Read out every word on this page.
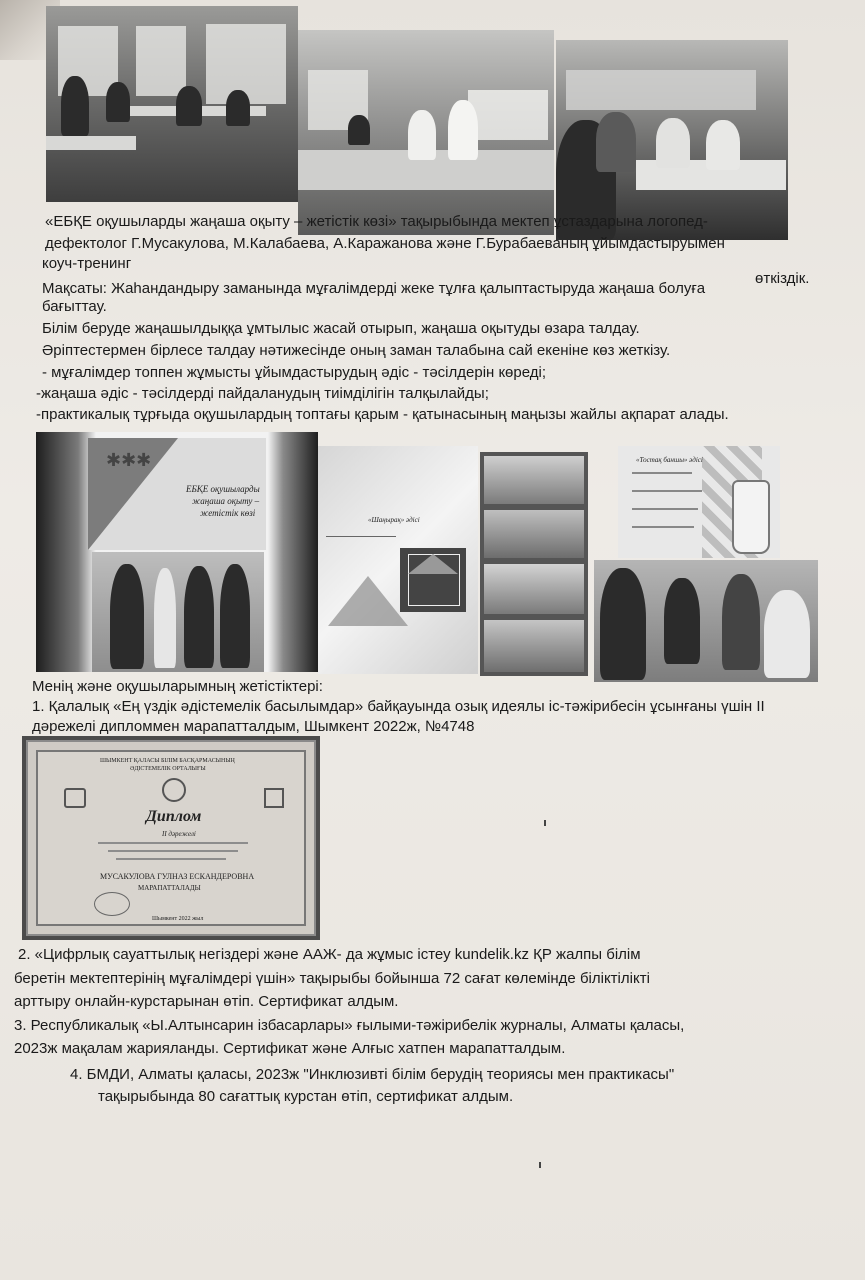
«ЕБҚЕ оқушыларды жаңаша оқыту – жетістік көзі» тақырыбында мектеп ұстаздарына логопед-
дефектолог Г.Мусакулова, М.Калабаева, А.Каражанова және Г.Бурабаеваның ұйымдастыруымен
коуч-тренинг
өткіздік.
Мақсаты: Жаһандандыру заманында мұғалімдерді жеке тұлға қалыптастыруда жаңаша болуға
бағыттау.
Білім беруде жаңашылдыққа ұмтылыс жасай отырып, жаңаша оқытуды өзара талдау.
Әріптестермен бірлесе талдау нәтижесінде оның заман талабына сай екеніне көз жеткізу.
- мұғалімдер топпен жұмысты ұйымдастырудың әдіс - тәсілдерін көреді;
-жаңаша әдіс - тәсілдерді пайдаланудың тиімділігін талқылайды;
-практикалық тұрғыда оқушылардың топтағы қарым - қатынасының маңызы жайлы ақпарат алады.
✱✱✱
ЕБҚЕ оқушыларды
жаңаша оқыту –
жетістік көзі
«Шаңырақ» әдісі
«Тостақ баншы» әдісі
Менің және оқушыларымның жетістіктері:
1. Қалалық «Ең үздік әдістемелік басылымдар» байқауында озық идеялы іс-тәжірибесін ұсынғаны үшін II
дәрежелі дипломмен марапатталдым, Шымкент 2022ж, №4748
ШЫМКЕНТ ҚАЛАСЫ БІЛІМ БАСҚАРМАСЫНЫҢ
ӘДІСТЕМЕЛІК ОРТАЛЫҒЫ
Диплом
II дәрежелі
МУСАКУЛОВА ГУЛНАЗ ЕСКАНДЕРОВНА
МАРАПАТТАЛАДЫ
Шымкент 2022 жыл
2. «Цифрлық сауаттылық негіздері және ААЖ- да жұмыс істеу kundelik.kz ҚР жалпы білім
беретін мектептерінің мұғалімдері үшін» тақырыбы бойынша 72 сағат көлемінде біліктілікті
арттыру онлайн-курстарынан өтіп. Сертификат алдым.
3. Республикалық «Ы.Алтынсарин ізбасарлары» ғылыми-тәжірибелік журналы, Алматы қаласы,
2023ж мақалам жарияланды. Сертификат және Алғыс хатпен марапатталдым.
4. БМДИ, Алматы қаласы, 2023ж "Инклюзивті білім берудің теориясы мен практикасы"
тақырыбында 80 сағаттық курстан өтіп, сертификат алдым.
